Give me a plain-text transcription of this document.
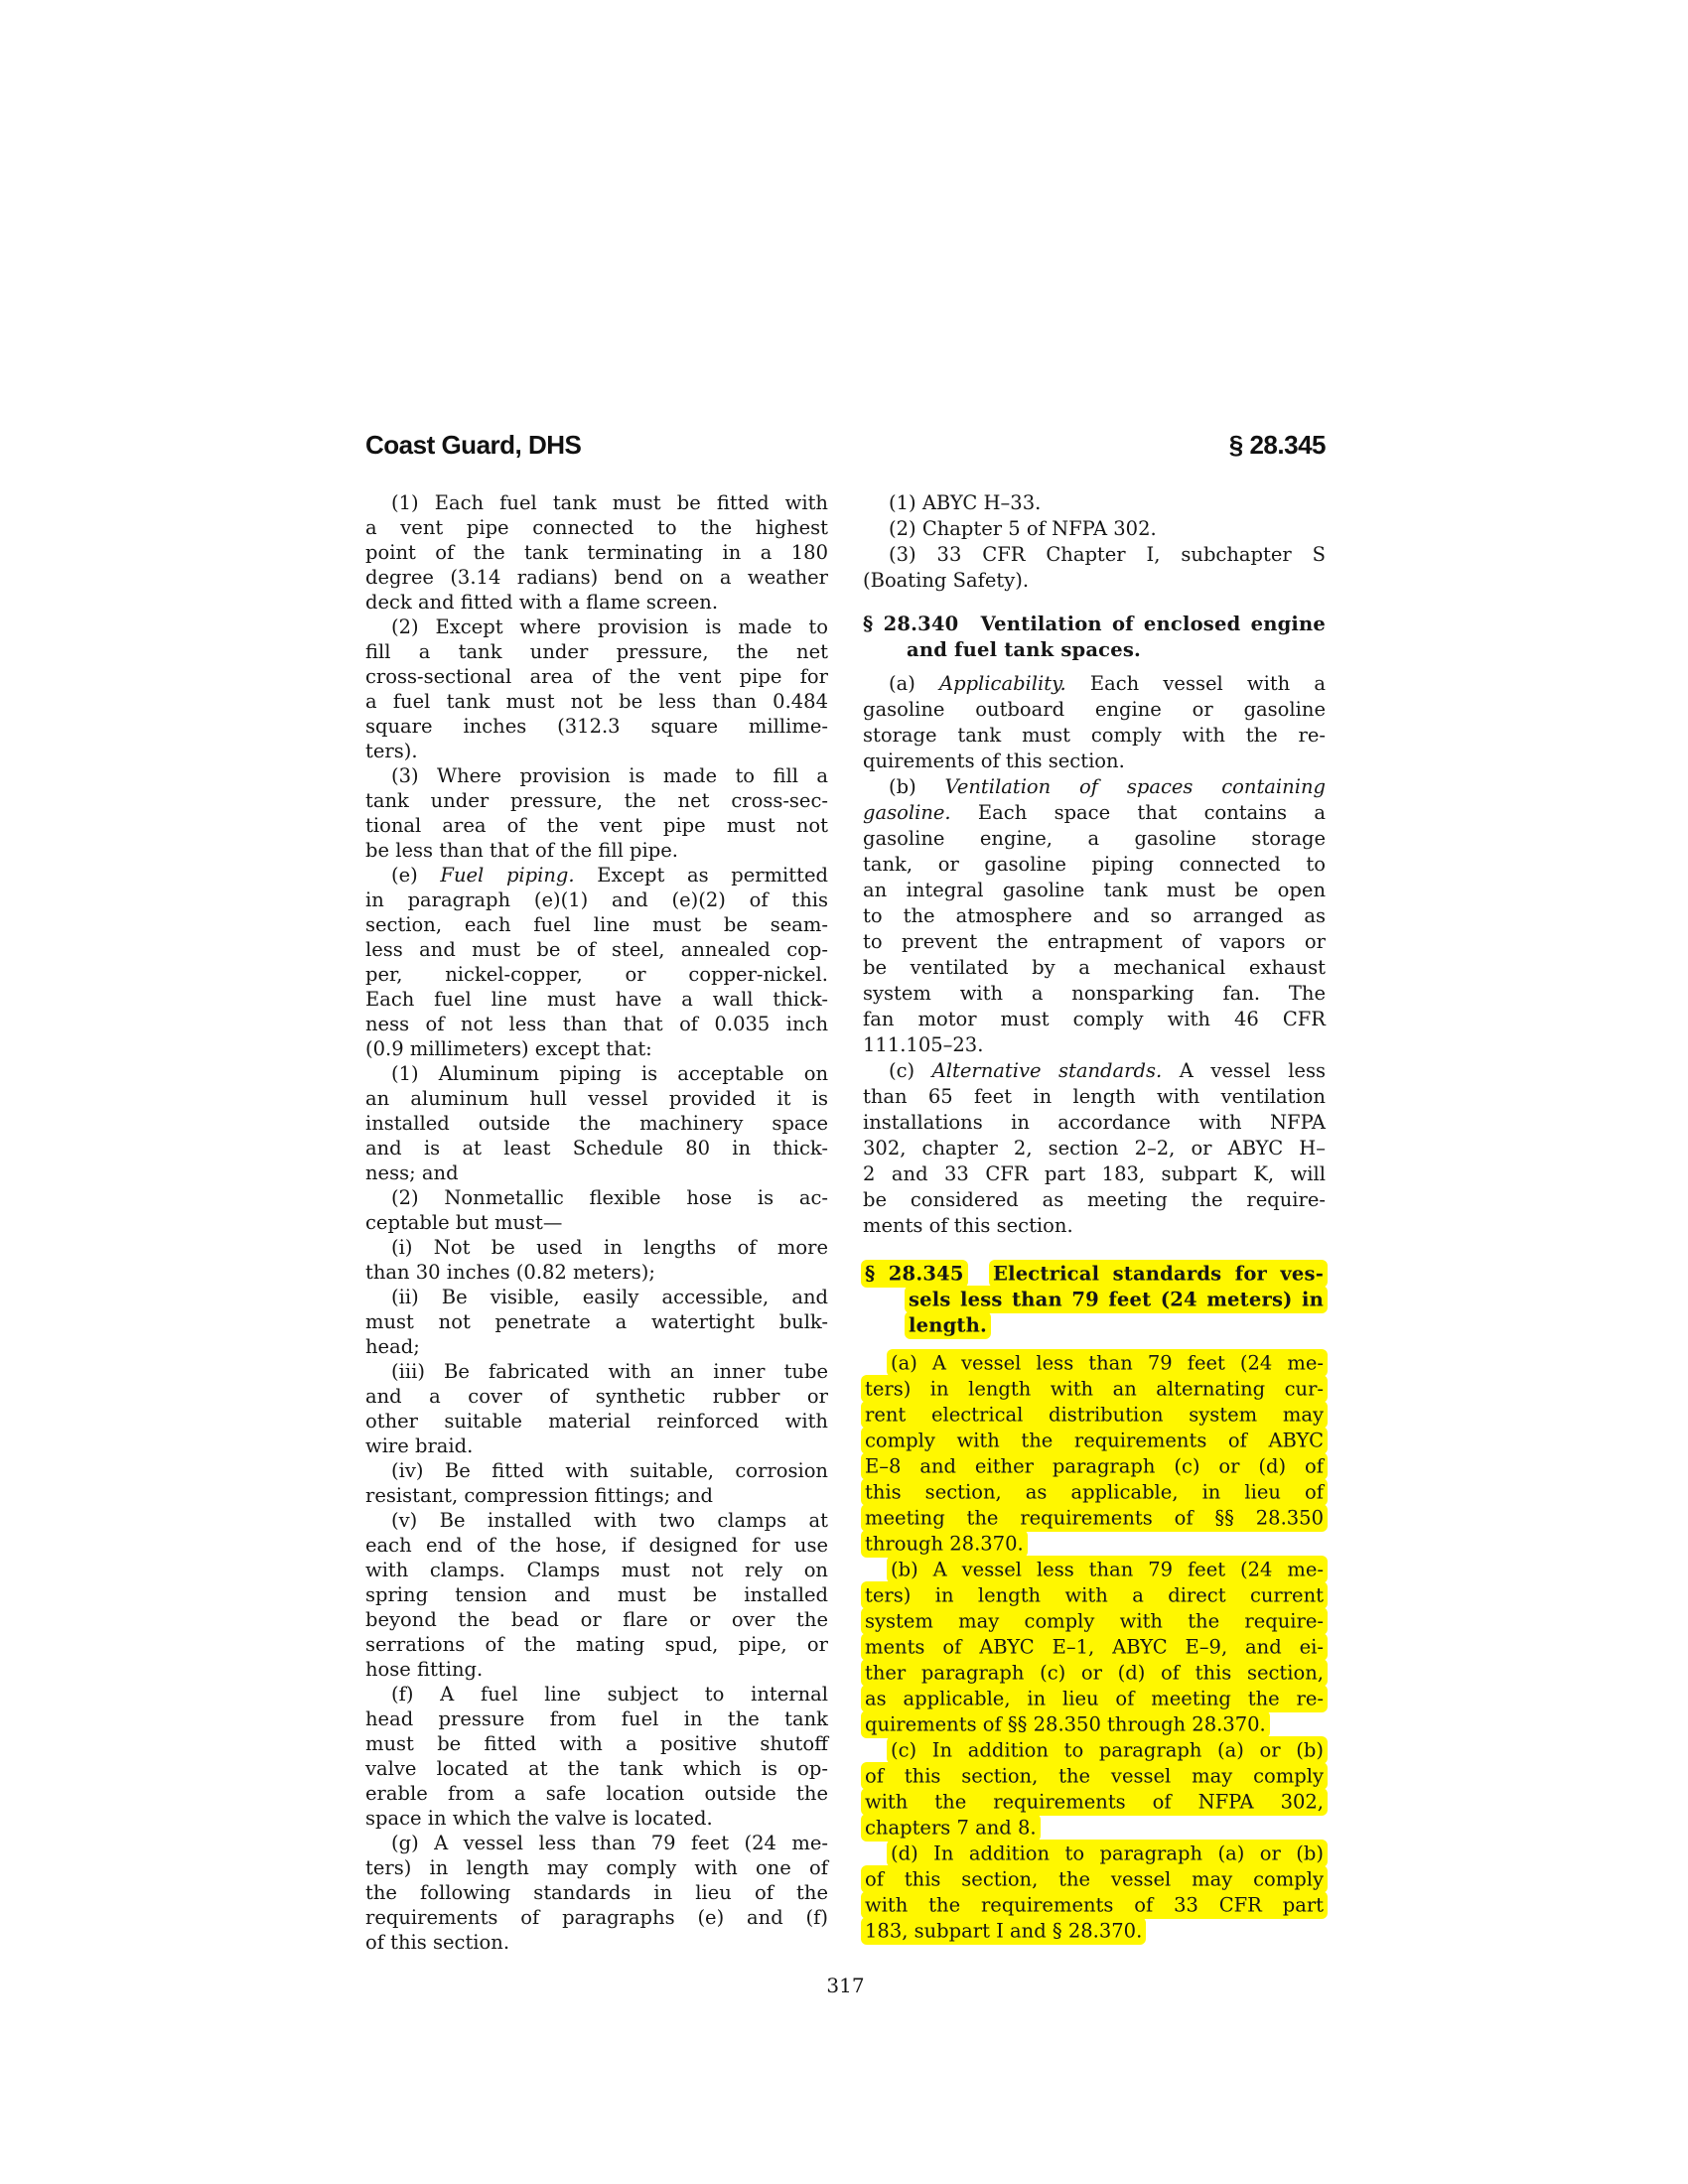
Coast Guard, DHS	§ 28.345
(1) Each fuel tank must be fitted with
a vent pipe connected to the highest
point of the tank terminating in a 180
degree (3.14 radians) bend on a weather
deck and fitted with a flame screen.
(2) Except where provision is made to
fill a tank under pressure, the net
cross-sectional area of the vent pipe for
a fuel tank must not be less than 0.484
square inches (312.3 square millime-
ters).
(3) Where provision is made to fill a
tank under pressure, the net cross-sec-
tional area of the vent pipe must not
be less than that of the fill pipe.
(e) Fuel piping. Except as permitted
in paragraph (e)(1) and (e)(2) of this
section, each fuel line must be seam-
less and must be of steel, annealed cop-
per, nickel-copper, or copper-nickel.
Each fuel line must have a wall thick-
ness of not less than that of 0.035 inch
(0.9 millimeters) except that:
(1) Aluminum piping is acceptable on
an aluminum hull vessel provided it is
installed outside the machinery space
and is at least Schedule 80 in thick-
ness; and
(2) Nonmetallic flexible hose is ac-
ceptable but must—
(i) Not be used in lengths of more
than 30 inches (0.82 meters);
(ii) Be visible, easily accessible, and
must not penetrate a watertight bulk-
head;
(iii) Be fabricated with an inner tube
and a cover of synthetic rubber or
other suitable material reinforced with
wire braid.
(iv) Be fitted with suitable, corrosion
resistant, compression fittings; and
(v) Be installed with two clamps at
each end of the hose, if designed for use
with clamps. Clamps must not rely on
spring tension and must be installed
beyond the bead or flare or over the
serrations of the mating spud, pipe, or
hose fitting.
(f) A fuel line subject to internal
head pressure from fuel in the tank
must be fitted with a positive shutoff
valve located at the tank which is op-
erable from a safe location outside the
space in which the valve is located.
(g) A vessel less than 79 feet (24 me-
ters) in length may comply with one of
the following standards in lieu of the
requirements of paragraphs (e) and (f)
of this section.
(1) ABYC H–33.
(2) Chapter 5 of NFPA 302.
(3) 33 CFR Chapter I, subchapter S
(Boating Safety).
§ 28.340 Ventilation of enclosed engine
and fuel tank spaces.
(a) Applicability. Each vessel with a
gasoline outboard engine or gasoline
storage tank must comply with the re-
quirements of this section.
(b) Ventilation of spaces containing
gasoline. Each space that contains a
gasoline engine, a gasoline storage
tank, or gasoline piping connected to
an integral gasoline tank must be open
to the atmosphere and so arranged as
to prevent the entrapment of vapors or
be ventilated by a mechanical exhaust
system with a nonsparking fan. The
fan motor must comply with 46 CFR
111.105–23.
(c) Alternative standards. A vessel less
than 65 feet in length with ventilation
installations in accordance with NFPA
302, chapter 2, section 2–2, or ABYC H–
2 and 33 CFR part 183, subpart K, will
be considered as meeting the require-
ments of this section.
§ 28.345 Electrical standards for ves-
sels less than 79 feet (24 meters) in
length.
(a) A vessel less than 79 feet (24 me-
ters) in length with an alternating cur-
rent electrical distribution system may
comply with the requirements of ABYC
E–8 and either paragraph (c) or (d) of
this section, as applicable, in lieu of
meeting the requirements of §§ 28.350
through 28.370.
(b) A vessel less than 79 feet (24 me-
ters) in length with a direct current
system may comply with the require-
ments of ABYC E–1, ABYC E–9, and ei-
ther paragraph (c) or (d) of this section,
as applicable, in lieu of meeting the re-
quirements of §§ 28.350 through 28.370.
(c) In addition to paragraph (a) or (b)
of this section, the vessel may comply
with the requirements of NFPA 302,
chapters 7 and 8.
(d) In addition to paragraph (a) or (b)
of this section, the vessel may comply
with the requirements of 33 CFR part
183, subpart I and § 28.370.
317
